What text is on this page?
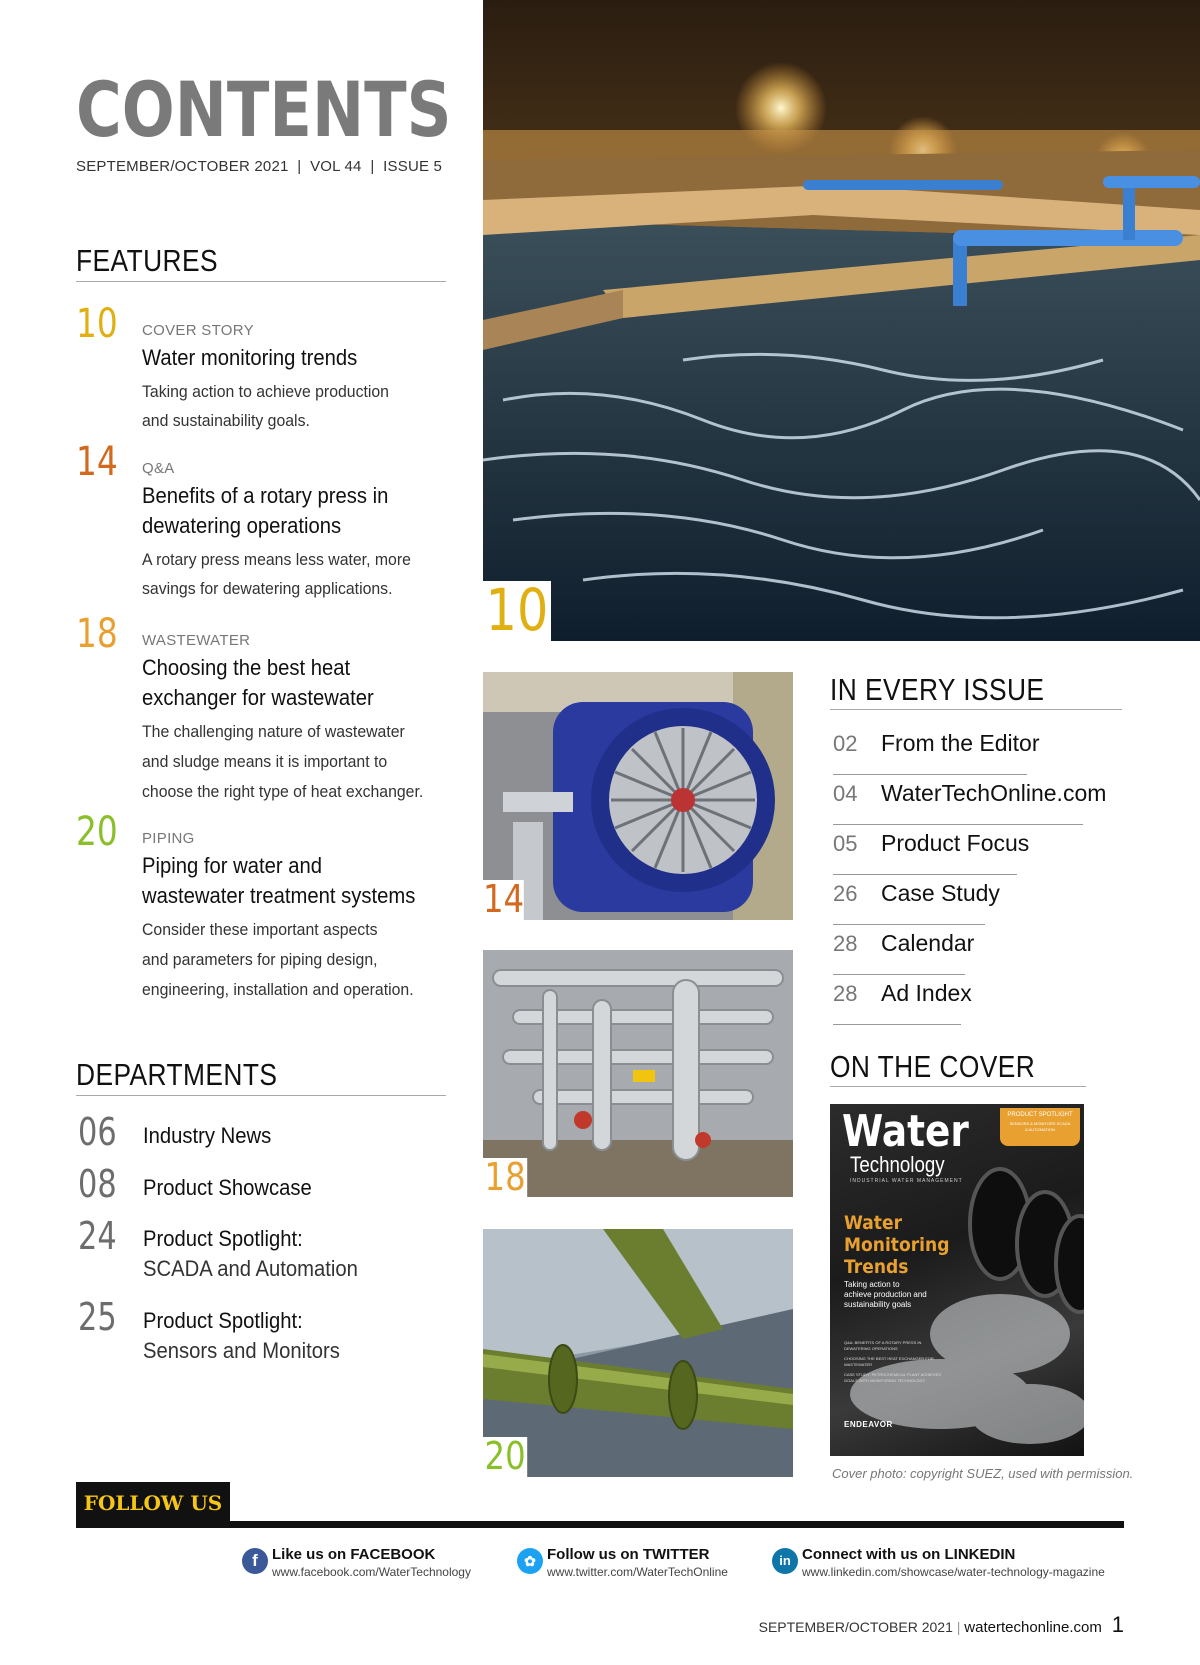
CONTENTS
SEPTEMBER/OCTOBER 2021  |  VOL 44  |  ISSUE 5
FEATURES
10 COVER STORY
Water monitoring trends
Taking action to achieve production
and sustainability goals.
14 Q&A
Benefits of a rotary press in
dewatering operations
A rotary press means less water, more
savings for dewatering applications.
18 WASTEWATER
Choosing the best heat
exchanger for wastewater
The challenging nature of wastewater
and sludge means it is important to
choose the right type of heat exchanger.
20 PIPING
Piping for water and
wastewater treatment systems
Consider these important aspects
and parameters for piping design,
engineering, installation and operation.
DEPARTMENTS
06 Industry News
08 Product Showcase
24 Product Spotlight:
SCADA and Automation
25 Product Spotlight:
Sensors and Monitors
10
14
18
20
IN EVERY ISSUE
02 From the Editor
04 WaterTechOnline.com
05 Product Focus
26 Case Study
28 Calendar
28 Ad Index
ON THE COVER
Water
Technology
INDUSTRIAL WATER MANAGEMENT
PRODUCT SPOTLIGHT
SENSORS & MONITORS SCADA & AUTOMATION
Water
Monitoring
Trends
Taking action to
achieve production and
sustainability goals
Q&A: BENEFITS OF A ROTARY PRESS IN DEWATERING OPERATIONS
CHOOSING THE BEST HEAT EXCHANGER FOR WASTEWATER
CASE STUDY: PETROCHEMICAL PLANT ACHIEVES GOALS WITH MONITORING TECHNOLOGY
ENDEAVOR
Cover photo: copyright SUEZ, used with permission.
FOLLOW US
f Like us on FACEBOOK
www.facebook.com/WaterTechnology
✿ Follow us on TWITTER
www.twitter.com/WaterTechOnline
in Connect with us on LINKEDIN
www.linkedin.com/showcase/water-technology-magazine
SEPTEMBER/OCTOBER 2021 | watertechonline.com 1
